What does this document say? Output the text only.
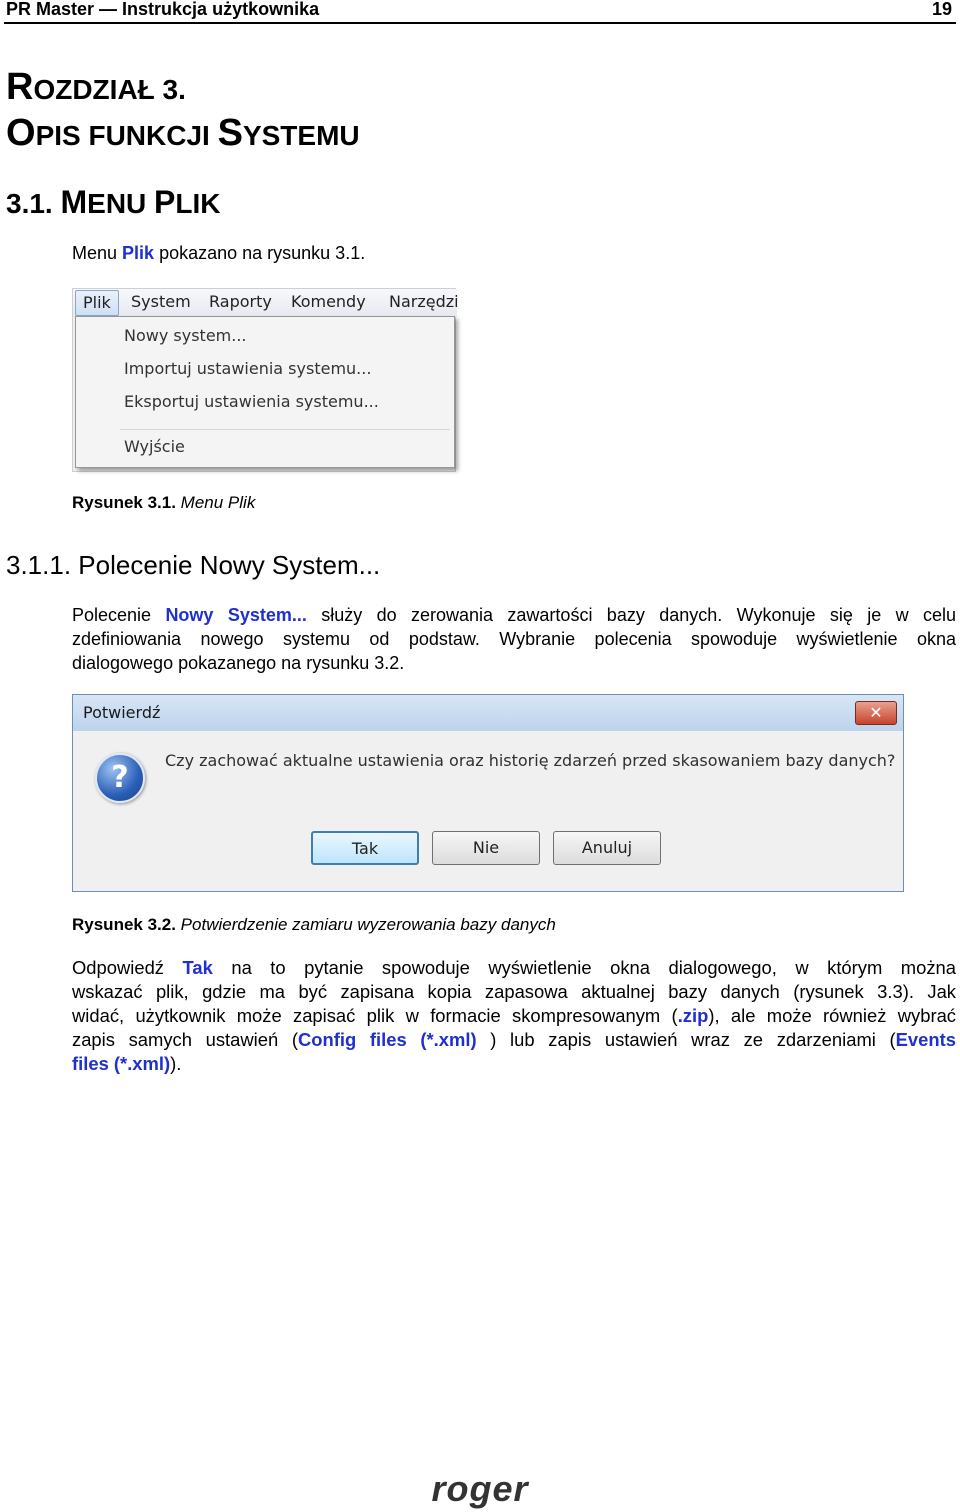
PR Master — Instrukcja użytkownika	19
ROZDZIAŁ 3.
OPIS FUNKCJI SYSTEMU
3.1. MENU PLIK
Menu Plik pokazano na rysunku 3.1.
Plik	System Raporty Komendy Narzędzi
Nowy system...
Importuj ustawienia systemu...
Eksportuj ustawienia systemu...
Wyjście
Rysunek 3.1. Menu Plik
3.1.1. Polecenie Nowy System...
Polecenie Nowy System... służy do zerowania zawartości bazy danych. Wykonuje się je w celu
zdefiniowania nowego systemu od podstaw. Wybranie polecenia spowoduje wyświetlenie okna
dialogowego pokazanego na rysunku 3.2.
Potwierdź	✕
?	Czy zachować aktualne ustawienia oraz historię zdarzeń przed skasowaniem bazy danych?
Tak	Nie	Anuluj
Rysunek 3.2. Potwierdzenie zamiaru wyzerowania bazy danych
Odpowiedź Tak na to pytanie spowoduje wyświetlenie okna dialogowego, w którym można
wskazać plik, gdzie ma być zapisana kopia zapasowa aktualnej bazy danych (rysunek 3.3). Jak
widać, użytkownik może zapisać plik w formacie skompresowanym (.zip), ale może również wybrać
zapis samych ustawień (Config files (*.xml) ) lub zapis ustawień wraz ze zdarzeniami (Events
files (*.xml)).
roger
